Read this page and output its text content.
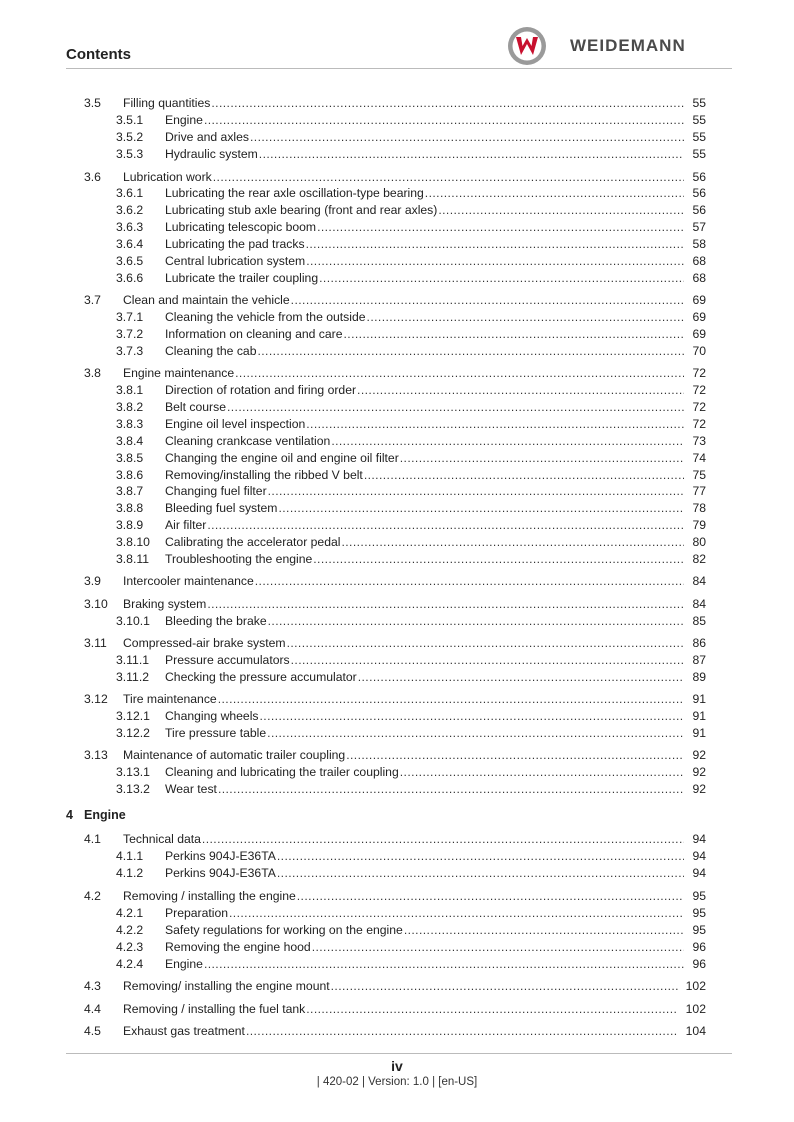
Contents	WEIDEMANN
3.5 Filling quantities .....	55
3.5.1 Engine .....	55
3.5.2 Drive and axles .....	55
3.5.3 Hydraulic system .....	55
3.6 Lubrication work .....	56
3.6.1 Lubricating the rear axle oscillation-type bearing .....	56
3.6.2 Lubricating stub axle bearing (front and rear axles) .....	56
3.6.3 Lubricating telescopic boom .....	57
3.6.4 Lubricating the pad tracks .....	58
3.6.5 Central lubrication system .....	68
3.6.6 Lubricate the trailer coupling .....	68
3.7 Clean and maintain the vehicle .....	69
3.7.1 Cleaning the vehicle from the outside .....	69
3.7.2 Information on cleaning and care .....	69
3.7.3 Cleaning the cab .....	70
3.8 Engine maintenance .....	72
3.8.1 Direction of rotation and firing order .....	72
3.8.2 Belt course .....	72
3.8.3 Engine oil level inspection .....	72
3.8.4 Cleaning crankcase ventilation .....	73
3.8.5 Changing the engine oil and engine oil filter .....	74
3.8.6 Removing/installing the ribbed V belt .....	75
3.8.7 Changing fuel filter .....	77
3.8.8 Bleeding fuel system .....	78
3.8.9 Air filter .....	79
3.8.10 Calibrating the accelerator pedal .....	80
3.8.11 Troubleshooting the engine .....	82
3.9 Intercooler maintenance .....	84
3.10 Braking system .....	84
3.10.1 Bleeding the brake .....	85
3.11 Compressed-air brake system .....	86
3.11.1 Pressure accumulators .....	87
3.11.2 Checking the pressure accumulator .....	89
3.12 Tire maintenance .....	91
3.12.1 Changing wheels .....	91
3.12.2 Tire pressure table .....	91
3.13 Maintenance of automatic trailer coupling .....	92
3.13.1 Cleaning and lubricating the trailer coupling .....	92
3.13.2 Wear test .....	92
4 Engine
4.1 Technical data .....	94
4.1.1 Perkins 904J-E36TA .....	94
4.1.2 Perkins 904J-E36TA .....	94
4.2 Removing / installing the engine .....	95
4.2.1 Preparation .....	95
4.2.2 Safety regulations for working on the engine .....	95
4.2.3 Removing the engine hood .....	96
4.2.4 Engine .....	96
4.3 Removing/ installing the engine mount .....	102
4.4 Removing / installing the fuel tank .....	102
4.5 Exhaust gas treatment .....	104
iv
| 420-02 | Version: 1.0 | [en-US]
